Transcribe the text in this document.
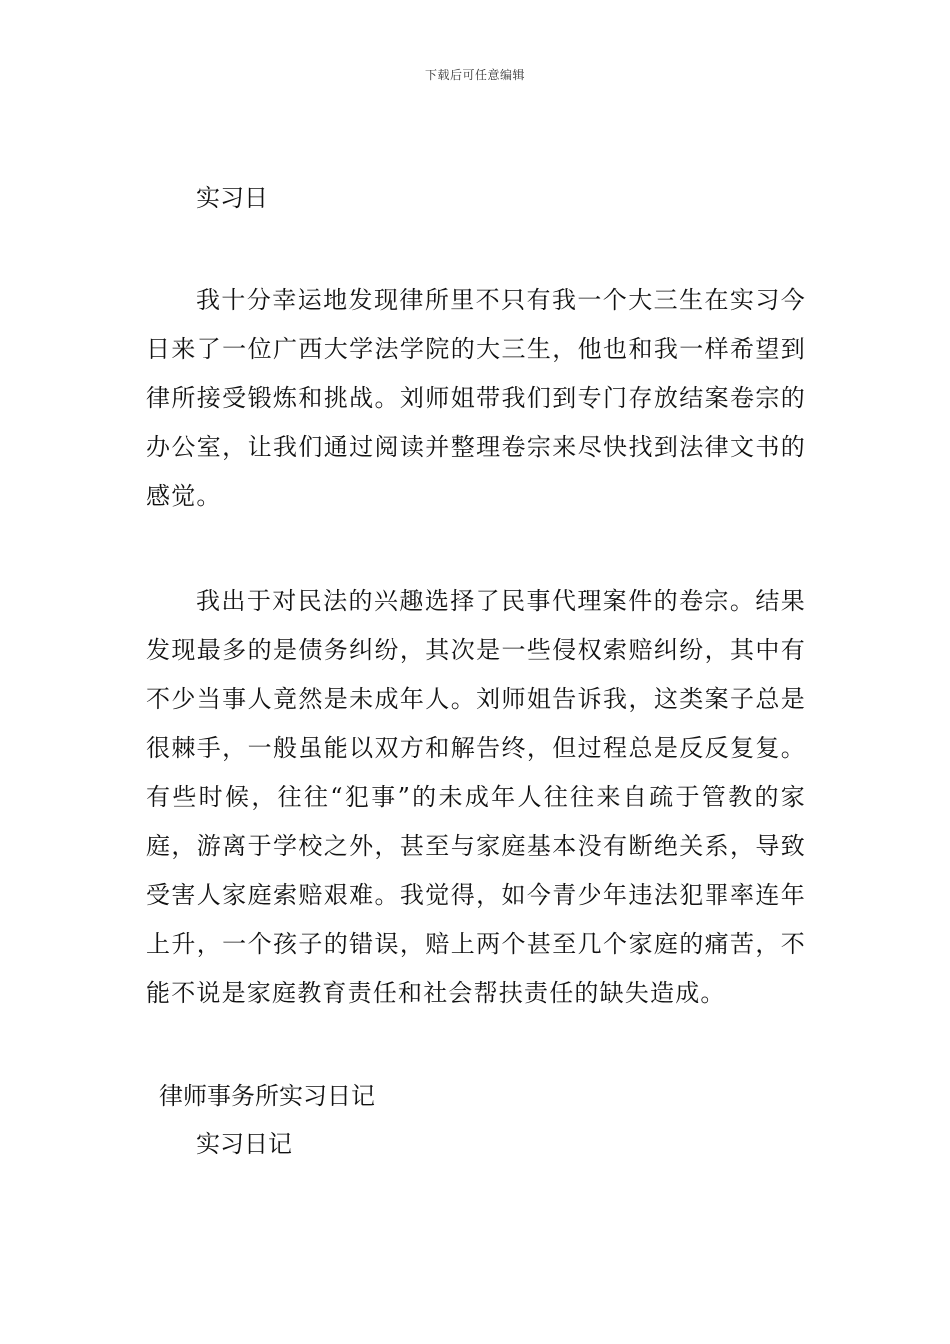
下载后可任意编辑
实习日

我十分幸运地发现律所里不只有我一个大三生在实习今日来了一位广西大学法学院的大三生，他也和我一样希望到律所接受锻炼和挑战。刘师姐带我们到专门存放结案卷宗的办公室，让我们通过阅读并整理卷宗来尽快找到法律文书的感觉。

我出于对民法的兴趣选择了民事代理案件的卷宗。结果发现最多的是债务纠纷，其次是一些侵权索赔纠纷，其中有不少当事人竟然是未成年人。刘师姐告诉我，这类案子总是很棘手，一般虽能以双方和解告终，但过程总是反反复复。有些时候，往往“犯事”的未成年人往往来自疏于管教的家庭，游离于学校之外，甚至与家庭基本没有断绝关系，导致受害人家庭索赔艰难。我觉得，如今青少年违法犯罪率连年上升，一个孩子的错误，赔上两个甚至几个家庭的痛苦，不能不说是家庭教育责任和社会帮扶责任的缺失造成。

律师事务所实习日记
实习日记
